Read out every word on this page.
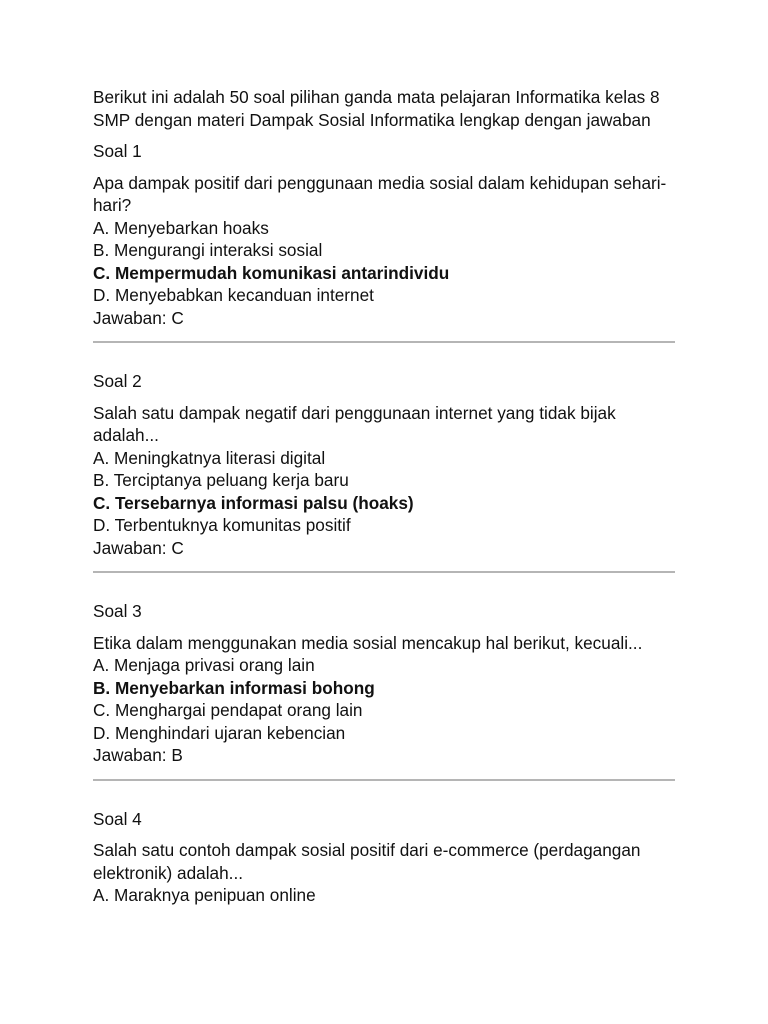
Berikut ini adalah 50 soal pilihan ganda mata pelajaran Informatika kelas 8 SMP dengan materi Dampak Sosial Informatika lengkap dengan jawaban

Soal 1

Apa dampak positif dari penggunaan media sosial dalam kehidupan sehari-hari?

A. Menyebarkan hoaks

B. Mengurangi interaksi sosial

C. Mempermudah komunikasi antarindividu

D. Menyebabkan kecanduan internet

Jawaban: C

Soal 2

Salah satu dampak negatif dari penggunaan internet yang tidak bijak adalah...

A. Meningkatnya literasi digital

B. Terciptanya peluang kerja baru

C. Tersebarnya informasi palsu (hoaks)

D. Terbentuknya komunitas positif

Jawaban: C

Soal 3

Etika dalam menggunakan media sosial mencakup hal berikut, kecuali...

A. Menjaga privasi orang lain

B. Menyebarkan informasi bohong

C. Menghargai pendapat orang lain

D. Menghindari ujaran kebencian

Jawaban: B

Soal 4

Salah satu contoh dampak sosial positif dari e-commerce (perdagangan elektronik) adalah...

A. Maraknya penipuan online
